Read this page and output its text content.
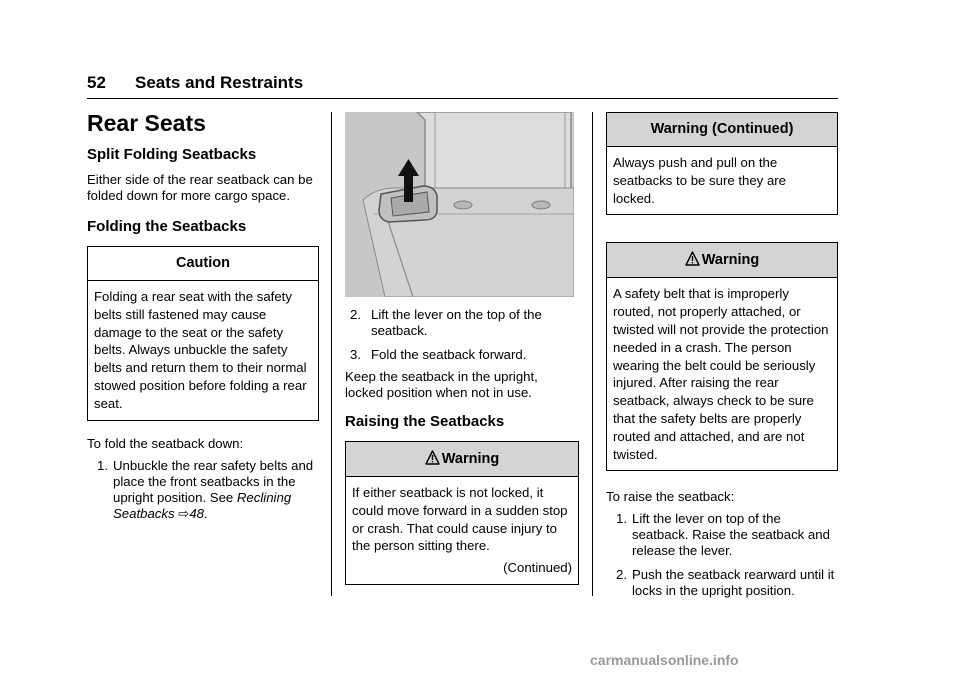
52 Seats and Restraints
Rear Seats
Split Folding Seatbacks

Either side of the rear seatback can be folded down for more cargo space.

Folding the Seatbacks
Caution
Folding a rear seat with the safety belts still fastened may cause damage to the seat or the safety belts. Always unbuckle the safety belts and return them to their normal stowed position before folding a rear seat.

To fold the seatback down:

1. Unbuckle the rear safety belts and place the front seatbacks in the upright position. See Reclining Seatbacks ⇨48.
2. Lift the lever on the top of the seatback.
3. Fold the seatback forward.

Keep the seatback in the upright, locked position when not in use.

Raising the Seatbacks
Warning
If either seatback is not locked, it could move forward in a sudden stop or crash. That could cause injury to the person sitting there.
(Continued)
Warning (Continued)
Always push and pull on the seatbacks to be sure they are locked.
Warning
A safety belt that is improperly routed, not properly attached, or twisted will not provide the protection needed in a crash. The person wearing the belt could be seriously injured. After raising the rear seatback, always check to be sure that the safety belts are properly routed and attached, and are not twisted.

To raise the seatback:

1. Lift the lever on top of the seatback. Raise the seatback and release the lever.
2. Push the seatback rearward until it locks in the upright position.
carmanualsonline.info
